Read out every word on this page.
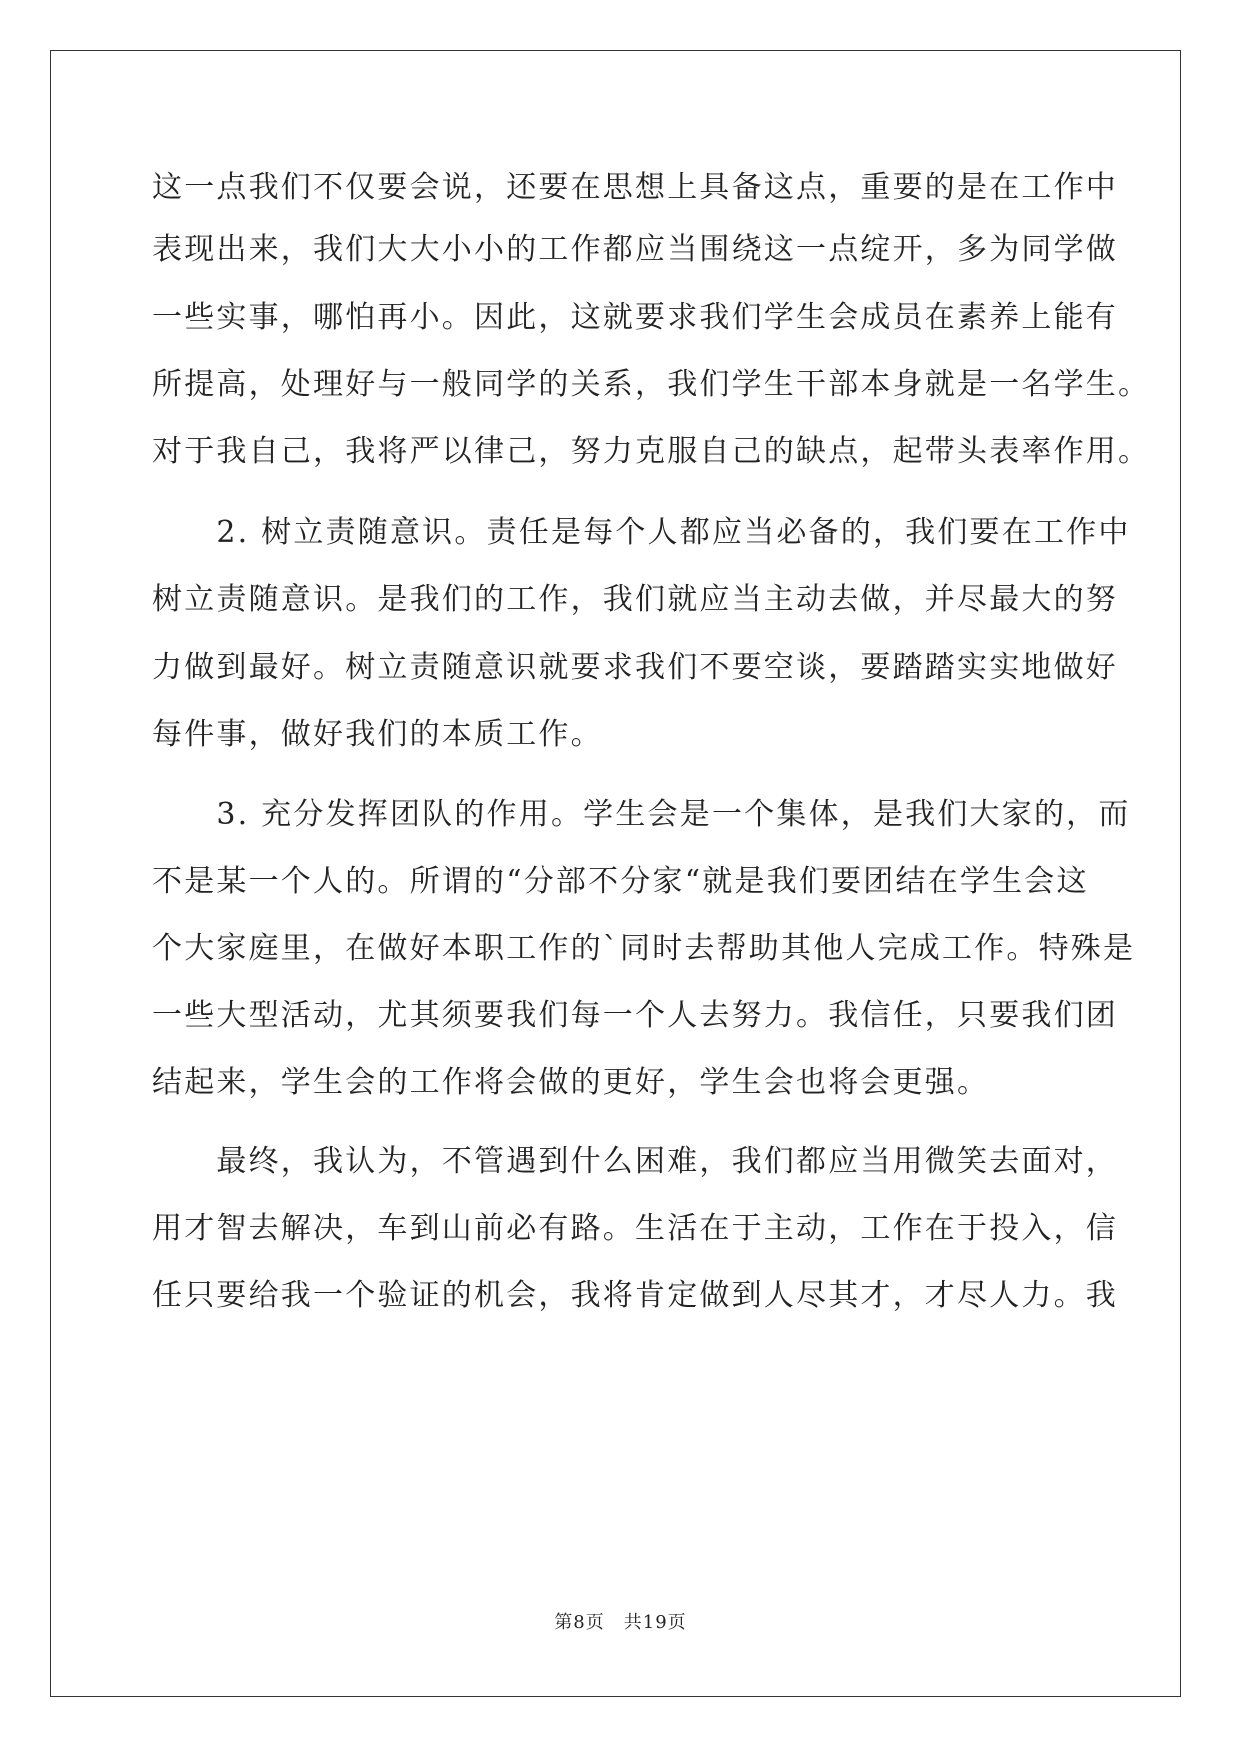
这一点我们不仅要会说，还要在思想上具备这点，重要的是在工作中
表现出来，我们大大小小的工作都应当围绕这一点绽开，多为同学做
一些实事，哪怕再小。因此，这就要求我们学生会成员在素养上能有
所提高，处理好与一般同学的关系，我们学生干部本身就是一名学生。
对于我自己，我将严以律己，努力克服自己的缺点，起带头表率作用。
　　2. 树立责随意识。责任是每个人都应当必备的，我们要在工作中
树立责随意识。是我们的工作，我们就应当主动去做，并尽最大的努
力做到最好。树立责随意识就要求我们不要空谈，要踏踏实实地做好
每件事，做好我们的本质工作。
　　3. 充分发挥团队的作用。学生会是一个集体，是我们大家的，而
不是某一个人的。所谓的“分部不分家“就是我们要团结在学生会这
个大家庭里，在做好本职工作的`同时去帮助其他人完成工作。特殊是
一些大型活动，尤其须要我们每一个人去努力。我信任，只要我们团
结起来，学生会的工作将会做的更好，学生会也将会更强。
　　最终，我认为，不管遇到什么困难，我们都应当用微笑去面对，
用才智去解决，车到山前必有路。生活在于主动，工作在于投入，信
任只要给我一个验证的机会，我将肯定做到人尽其才，才尽人力。我
第8页　共19页
